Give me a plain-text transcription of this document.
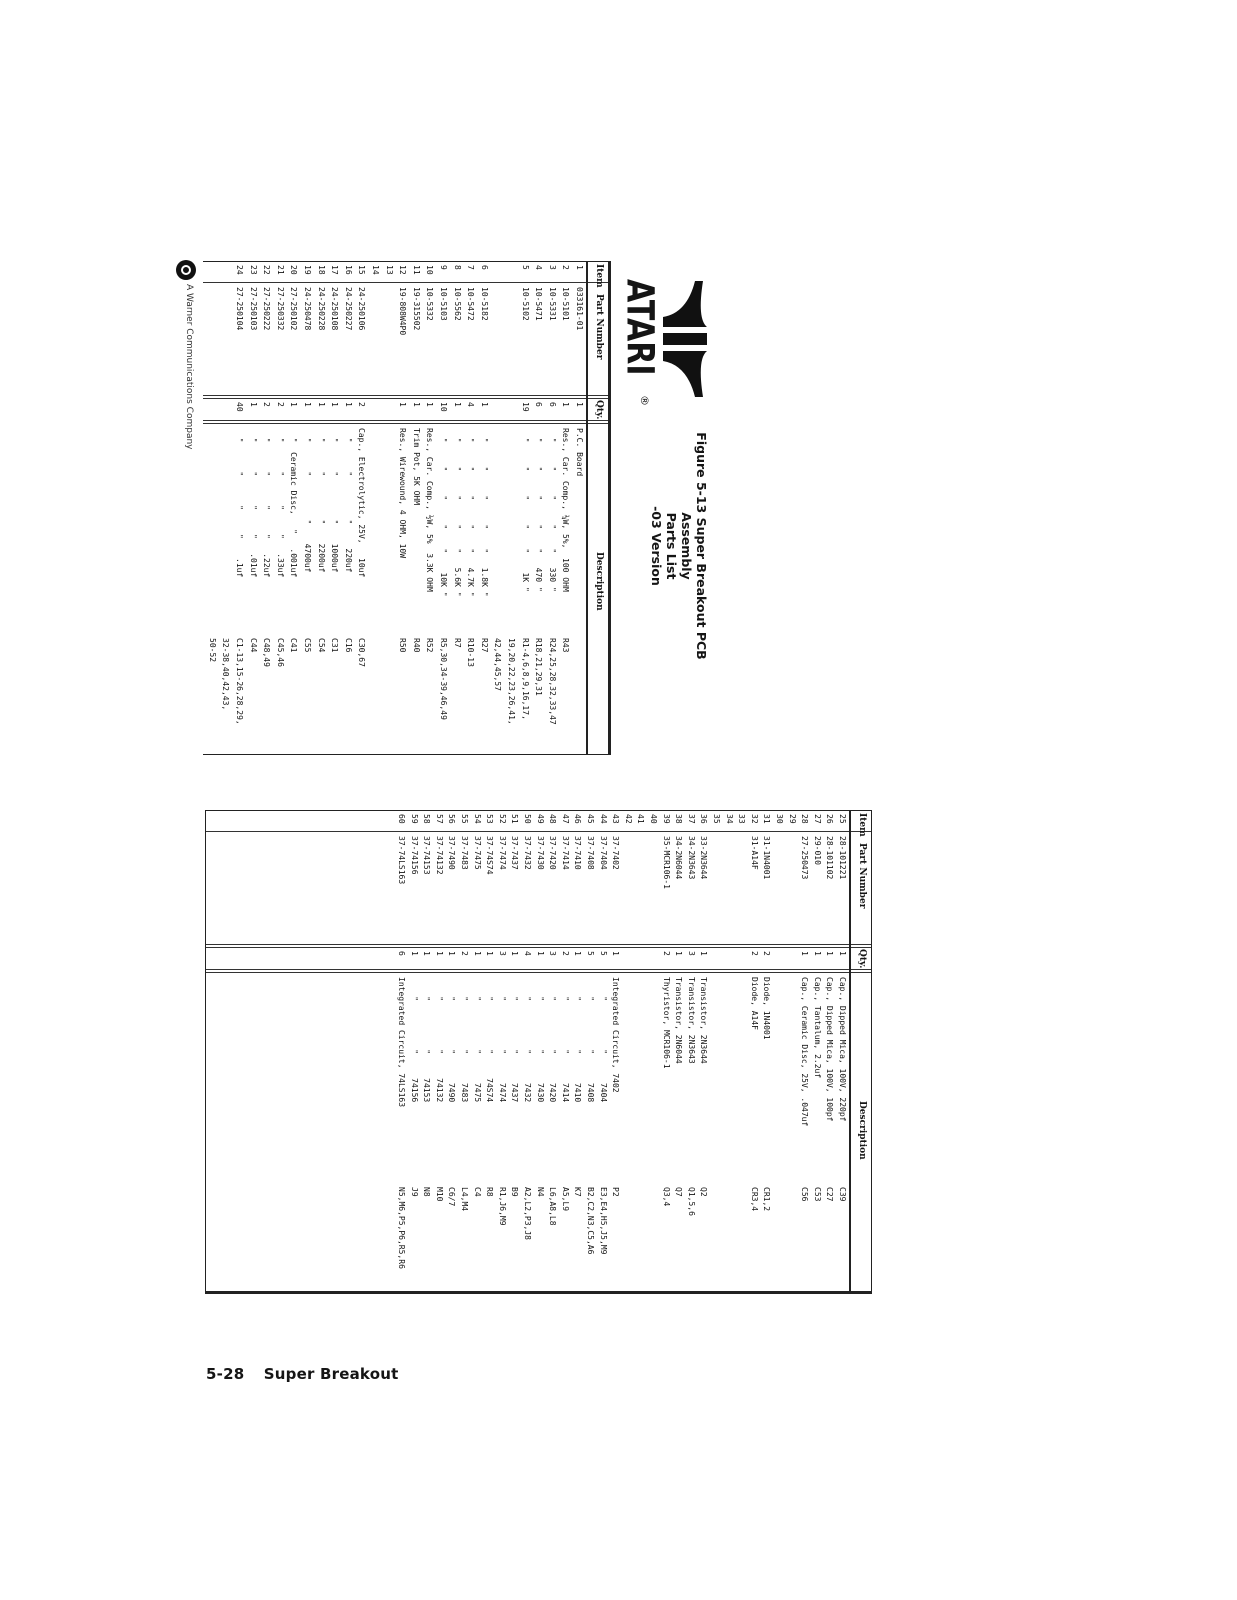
ATARI
®
Figure 5-13 Super Breakout PCB Assembly
Parts List
-03 Version
Item
Part Number
Qty.
Description
1
033161-01
1
P.C. Board
2
10-5101
1
Res., Car. Comp., ¼W, 5%,  100 OHM
R43
3
10-5331
6
"     "     "     "    "   330 "
R24,25,28,32,33,47
4
10-5471
6
"     "     "     "    "   470 "
R18,21,29,31
5
10-5102
19
"     "     "     "    "    1K "
R1-4,6,8,9,16,17,
19,20,22,23,26,41,
42,44,45,57
6
10-5182
1
"     "     "     "    "   1.8K "
R27
7
10-5472
4
"     "     "     "    "   4.7K "
R10-13
8
10-5562
1
"     "     "     "    "   5.6K "
R7
9
10-5103
10
"     "     "     "    "    10K "
R5,30,34-39,46,49
10
10-5332
1
Res., Car. Comp., ½W, 5%  3.3K OHM
R52
11
19-315502
1
Trim Pot, 5K OHM
R40
12
19-808W4P0
1
Res., Wirewound, 4 OHM, 10W
R50
13
14
15
24-250106
2
Cap., Electrolytic, 25V,   10uf
C30,67
16
24-250227
1
"      "         "     220uf
C16
17
24-250108
1
"      "         "    1000uf
C31
18
24-250228
1
"      "         "    2200uf
C54
19
24-250478
1
"      "         "    4700uf
C55
20
27-250102
1
"  Ceramic Disc,   "   .001uf
C41
21
27-250332
2
"      "      "     "   .33uf
C45,46
22
27-250222
2
"      "      "     "   .22uf
C48,49
23
27-250103
1
"      "      "     "   .01uf
C44
24
27-250104
40
"      "      "     "    .1uf
C1-13,15-26,28,29,
32-38,40,42,43,
50-52
A Warner Communications Company
Item
Part Number
Qty.
Description
25
28-101221
1
Cap., Dipped Mica, 100V, 220pf
C39
26
28-101102
1
Cap., Dipped Mica, 100V, 100pf
C27
27
29-010
1
Cap., Tantalum, 2.2uf
C53
28
27-250473
1
Cap., Ceramic Disc, 25V, .047uf
C56
29
30
31
31-1N4001
2
Diode, 1N4001
CR1,2
32
31-A14F
2
Diode, A14F
CR3,4
33
34
35
36
33-2N3644
1
Transistor, 2N3644
Q2
37
34-2N3643
3
Transistor, 2N3643
Q1,5,6
38
34-2N6044
1
Transistor, 2N6044
Q7
39
35-MCR106-1
2
Thyristor, MCR106-1
Q3,4
40
41
42
43
37-7402
1
Integrated Circuit, 7402
P2
44
37-7404
5
"          "      7404
E3,E4,H5,J5,M9
45
37-7408
5
"          "      7408
B2,C2,N3,C5,A6
46
37-7410
1
"          "      7410
K7
47
37-7414
2
"          "      7414
A5,L9
48
37-7420
3
"          "      7420
L6,A8,L8
49
37-7430
1
"          "      7430
N4
50
37-7432
4
"          "      7432
A2,L2,P3,J8
51
37-7437
1
"          "      7437
B9
52
37-7474
3
"          "      7474
R1,J6,M9
53
37-74S74
1
"          "     74S74
R8
54
37-7475
1
"          "      7475
C4
55
37-7483
2
"          "      7483
L4,M4
56
37-7490
1
"          "      7490
C6/7
57
37-74132
1
"          "     74132
M10
58
37-74153
1
"          "     74153
N8
59
37-74156
1
"          "     74156
J9
60
37-74LS163
6
Integrated Circuit, 74LS163
N5,M6,P5,P6,R5,R6
5-28 Super Breakout
